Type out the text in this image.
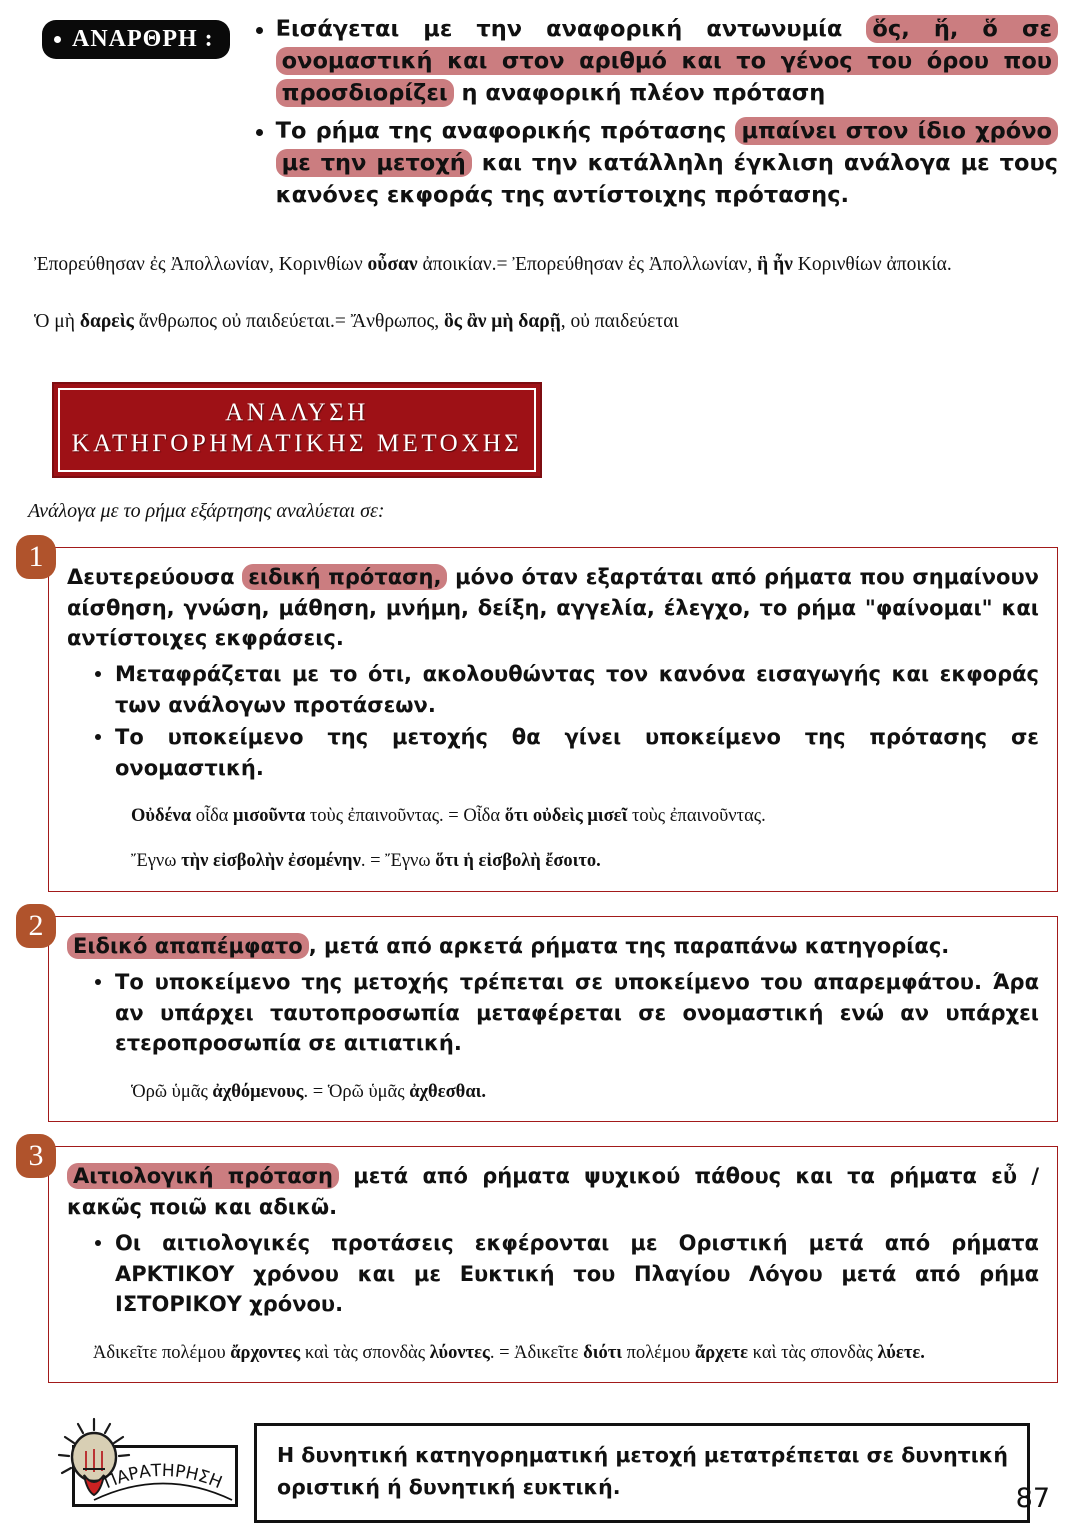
ΑΝΑΡΘΡΗ :	Εισάγεται με την αναφορική αντωνυμία ὅς, ἥ, ὅ σε ονομαστική και στον αριθμό και το γένος του όρου που προσδιορίζει η αναφορική πλέον πρόταση
Το ρήμα της αναφορικής πρότασης μπαίνει στον ίδιο χρόνο με την μετοχή και την κατάλληλη έγκλιση ανάλογα με τους κανόνες εκφοράς της αντίστοιχης πρότασης.
Ἐπορεύθησαν ἐς Ἀπολλωνίαν, Κορινθίων οὖσαν ἀποικίαν.= Ἐπορεύθησαν ἐς Ἀπολλωνίαν, ἣ ἦν Κορινθίων ἀποικία.
Ὁ μὴ δαρεὶς ἄνθρωπος οὐ παιδεύεται.= Ἄνθρωπος, ὃς ἂν μὴ δαρῇ, οὐ παιδεύεται
ΑΝΑΛΥΣΗ
ΚΑΤΗΓΟΡΗΜΑΤΙΚΗΣ ΜΕΤΟΧΗΣ
Ανάλογα με το ρήμα εξάρτησης αναλύεται σε:
1

Δευτερεύουσα ειδική πρόταση, μόνο όταν εξαρτάται από ρήματα που σημαίνουν αίσθηση, γνώση, μάθηση, μνήμη, δείξη, αγγελία, έλεγχο, το ρήμα "φαίνομαι" και αντίστοιχες εκφράσεις.

Μεταφράζεται με το ότι, ακολουθώντας τον κανόνα εισαγωγής και εκφοράς των ανάλογων προτάσεων.
Το υποκείμενο της μετοχής θα γίνει υποκείμενο της πρότασης σε ονομαστική.
Οὐδένα οἶδα μισοῦντα τοὺς ἐπαινοῦντας. = Οἶδα ὅτι οὐδεὶς μισεῖ τοὺς ἐπαινοῦντας.
Ἔγνω τὴν εἰσβολὴν ἐσομένην. = Ἔγνω ὅτι ἡ εἰσβολὴ ἔσοιτο.
2

Ειδικό απαπέμφατο , μετά από αρκετά ρήματα της παραπάνω κατηγορίας.

Το υποκείμενο της μετοχής τρέπεται σε υποκείμενο του απαρεμφάτου. Άρα αν υπάρχει ταυτοπροσωπία μεταφέρεται σε ονομαστική ενώ αν υπάρχει ετεροπροσωπία σε αιτιατική.
Ὁρῶ ὑμᾶς ἀχθόμενους. = Ὁρῶ ὑμᾶς ἀχθεσθαι.
3

Αιτιολογική πρόταση μετά από ρήματα ψυχικού πάθους και τα ρήματα εὖ / κακῶς ποιῶ και αδικῶ.

Οι αιτιολογικές προτάσεις εκφέρονται με Οριστική μετά από ρήματα ΑΡΚΤΙΚΟΥ χρόνου και με Ευκτική του Πλαγίου Λόγου μετά από ρήμα ΙΣΤΟΡΙΚΟΥ χρόνου.
Ἀδικεῖτε πολέμου ἄρχοντες καὶ τὰς σπονδὰς λύοντες. = Ἀδικεῖτε διότι πολέμου ἄρχετε καὶ τὰς σπονδὰς λύετε.
ΠΑΡΑΤΗΡΗΣΗ
Η δυνητική κατηγορηματική μετοχή μετατρέπεται σε δυνητική οριστική ή δυνητική ευκτική.	87
